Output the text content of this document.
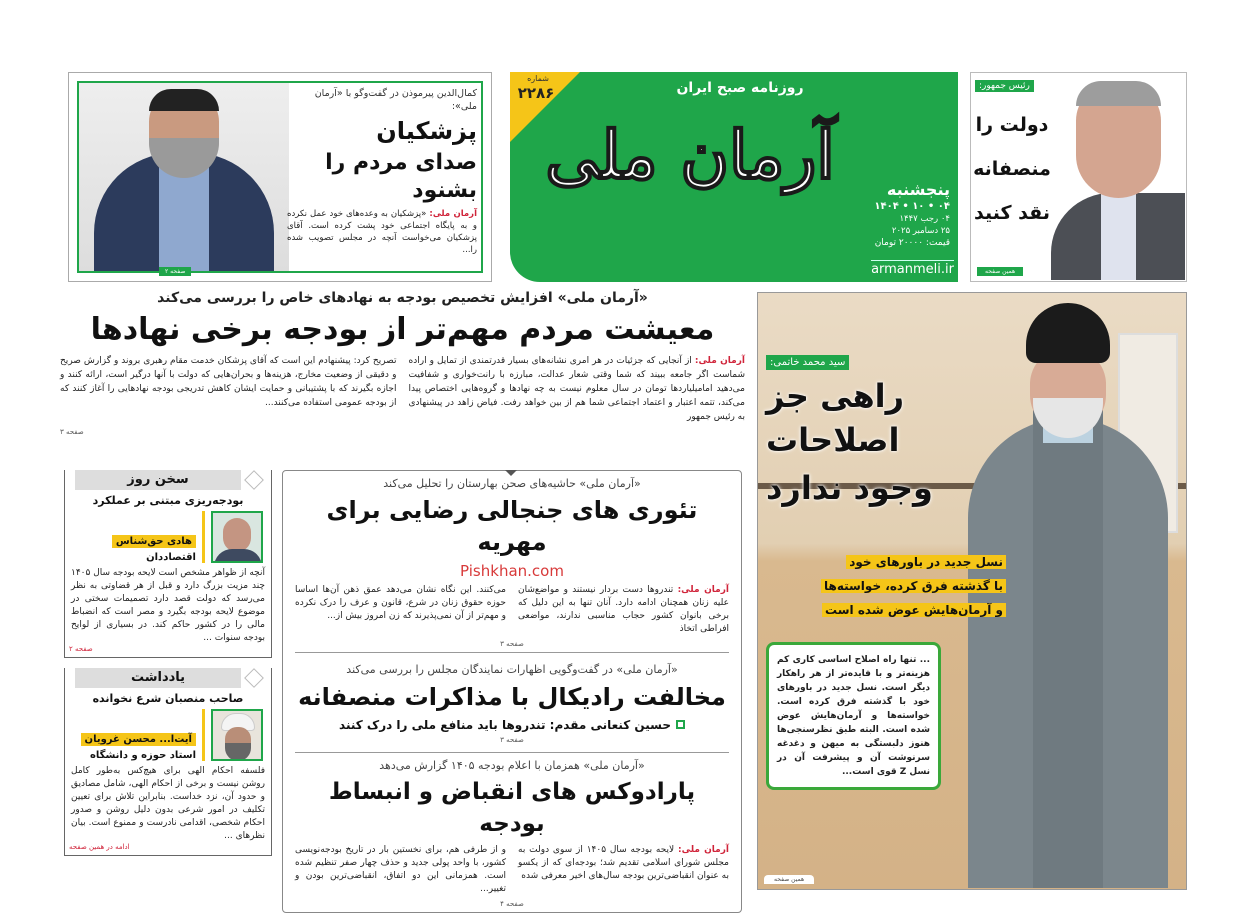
کمال‌الدین پیرموذن در گفت‌وگو با «آرمان ملی»:
پزشکیان
صدای مردم را بشنود
آرمان ملی: «پزشکیان به وعده‌های خود عمل نکرده و به پایگاه اجتماعی خود پشت کرده است. آقای پزشکیان می‌خواست آنچه در مجلس تصویب شده را...
صفحه ۲
شماره
۲۲۸۶	روزنامه صبح ایران
آرمان ملی	پنجشنبه
۰۴ • ۱۰ • ۱۴۰۴
۰۴ رجب ۱۴۴۷
۲۵ دسامبر ۲۰۲۵
قیمت: ۲۰۰۰۰ تومان
armanmeli.ir
رئیس جمهور:
دولت را
منصفانه
نقد کنید
همین صفحه
«آرمان ملی» افزایش تخصیص بودجه به نهادهای خاص را بررسی می‌کند
معیشت مردم مهم‌تر از بودجه برخی نهادها
آرمان ملی: از آنجایی که جزئیات در هر امری نشانه‌های بسیار قدرتمندی از تمایل و اراده شماست اگر جامعه ببیند که شما وقتی شعار عدالت، مبارزه با رانت‌خواری و شفافیت می‌دهید امامیلیاردها تومان در سال معلوم نیست به چه نهادها و گروه‌هایی اختصاص پیدا می‌کند، تتمه اعتبار و اعتماد اجتماعی شما هم از بین خواهد رفت. فیاض زاهد در پیشنهادی به رئیس جمهور
تصریح کرد: پیشنهادم این است که آقای پزشکان خدمت مقام رهبری بروند و گزارش صریح و دقیقی از وضعیت مخارج، هزینه‌ها و بحران‌هایی که دولت با آنها درگیر است، ارائه کنند و اجازه بگیرند که با پشتیبانی و حمایت ایشان کاهش تدریجی بودجه نهادهایی را آغاز کنند که از بودجه عمومی استفاده می‌کنند...
صفحه ۳
سخن روز
بودجه‌ریزی مبتنی بر عملکرد
هادی حق‌شناس
اقتصاددان
آنچه از ظواهر مشخص است لایحه بودجه سال ۱۴۰۵ چند مزیت بزرگ دارد و قبل از هر قضاوتی به نظر می‌رسد که دولت قصد دارد تصمیمات سختی در موضوع لایحه بودجه بگیرد و مصر است که انضباط مالی را در کشور حاکم کند. در بسیاری از لوایح بودجه سنوات ...
صفحه ۲
یادداشت
صاحب منصبان شرع نخوانده
آیت‌ا... محسن غرویان
استاد حوزه و دانشگاه
فلسفه احکام الهی برای هیچ‌کس به‌طور کامل روشن نیست و برخی از احکام الهی، شامل مصادیق و حدود آن، نزد خداست. بنابراین تلاش برای تعیین تکلیف در امور شرعی بدون دلیل روشن و صدور احکام شخصی، اقدامی نادرست و ممنوع است. بیان نظرهای ...
ادامه در همین صفحه
«آرمان ملی» حاشیه‌های صحن بهارستان را تحلیل می‌کند
تئوری های جنجالی رضایی برای مهریه
Pishkhan.com
آرمان ملی: تندروها دست بردار نیستند و مواضع‌شان علیه زنان همچنان ادامه دارد. آنان تنها به این دلیل که برخی بانوان کشور حجاب مناسبی ندارند، مواضعی افراطی اتخاذ
می‌کنند. این نگاه نشان می‌دهد عمق ذهن آن‌ها اساسا حوزه حقوق زنان در شرع، قانون و عرف را درک نکرده و مهم‌تر از آن نمی‌پذیرند که زن امروز بیش از...
صفحه ۳
«آرمان ملی» در گفت‌وگویی اظهارات نمایندگان مجلس را بررسی می‌کند
مخالفت رادیکال با مذاکرات منصفانه
حسین کنعانی مقدم: تندروها باید منافع ملی را درک کنند
صفحه ۳
«آرمان ملی» همزمان با اعلام بودجه ۱۴۰۵ گزارش می‌دهد
پارادوکس های انقباض و انبساط بودجه
آرمان ملی: لایحه بودجه سال ۱۴۰۵ از سوی دولت به مجلس شورای اسلامی تقدیم شد؛ بودجه‌ای که از یکسو به عنوان انقباضی‌ترین بودجه سال‌های اخیر معرفی شده
و از طرفی هم، برای نخستین بار در تاریخ بودجه‌نویسی کشور، با واحد پولی جدید و حذف چهار صفر تنظیم شده است. همزمانی این دو اتفاق، انقباضی‌ترین بودن و تغییر...
صفحه ۴
سید محمد خاتمی:
راهی جز اصلاحات
وجود ندارد
نسل جدید در باورهای خود
با گذشته فرق کرده، خواسته‌ها
و آرمان‌هایش عوض شده است
... تنها راه اصلاح اساسی کاری کم هزینه‌تر و با فایده‌تر از هر راهکار دیگر است. نسل جدید در باورهای خود با گذشته فرق کرده است. خواسته‌ها و آرمان‌هایش عوض شده است. البته طبق نظرسنجی‌ها هنوز دلبستگی به میهن و دغدغه سرنوشت آن و پیشرفت آن در نسل Z قوی است...
همین صفحه
